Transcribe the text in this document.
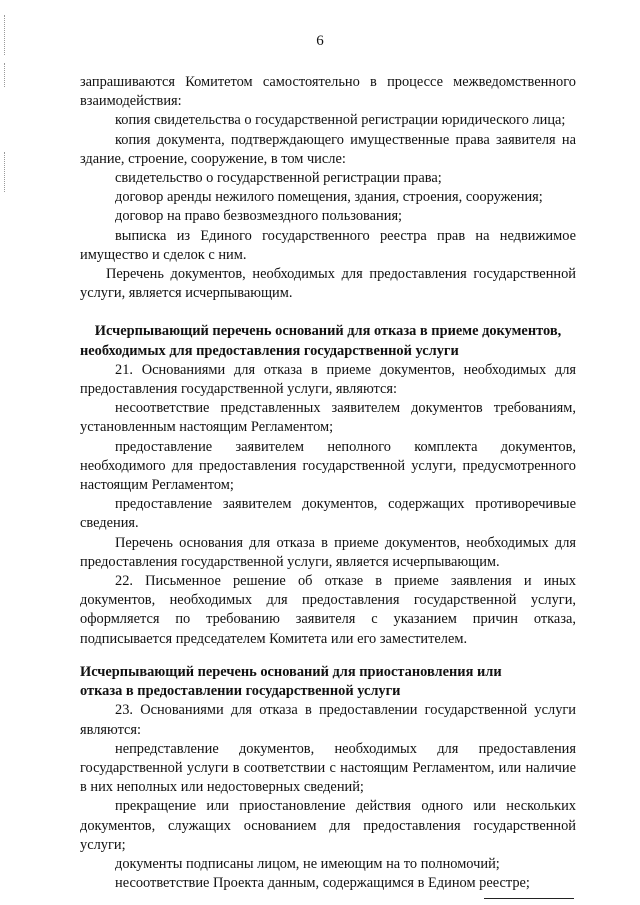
6

запрашиваются Комитетом самостоятельно в процессе межведомственного взаимодействия:

копия свидетельства о государственной регистрации юридического лица;

копия документа, подтверждающего имущественные права заявителя на здание, строение, сооружение, в том числе:

свидетельство о государственной регистрации права;

договор аренды нежилого помещения, здания, строения, сооружения;

договор на право безвозмездного пользования;

выписка из Единого государственного реестра прав на недвижимое имущество и сделок с ним.

Перечень документов, необходимых для предоставления государственной услуги, является исчерпывающим.

Исчерпывающий перечень оснований для отказа в приеме документов, необходимых для предоставления государственной услуги

21. Основаниями для отказа в приеме документов, необходимых для предоставления государственной услуги, являются:

несоответствие представленных заявителем документов требованиям, установленным настоящим Регламентом;

предоставление заявителем неполного комплекта документов, необходимого для предоставления государственной услуги, предусмотренного настоящим Регламентом;

предоставление заявителем документов, содержащих противоречивые сведения.

Перечень основания для отказа в приеме документов, необходимых для предоставления государственной услуги, является исчерпывающим.

22. Письменное решение об отказе в приеме заявления и иных документов, необходимых для предоставления государственной услуги, оформляется по требованию заявителя с указанием причин отказа, подписывается председателем Комитета или его заместителем.

Исчерпывающий перечень оснований для приостановления или
отказа в предоставлении государственной услуги

23. Основаниями для отказа в предоставлении государственной услуги являются:

непредставление документов, необходимых для предоставления государственной услуги в соответствии с настоящим Регламентом, или наличие в них неполных или недостоверных сведений;

прекращение или приостановление действия одного или нескольких документов, служащих основанием для предоставления государственной услуги;

документы подписаны лицом, не имеющим на то полномочий;

несоответствие Проекта данным, содержащимся в Едином реестре;
